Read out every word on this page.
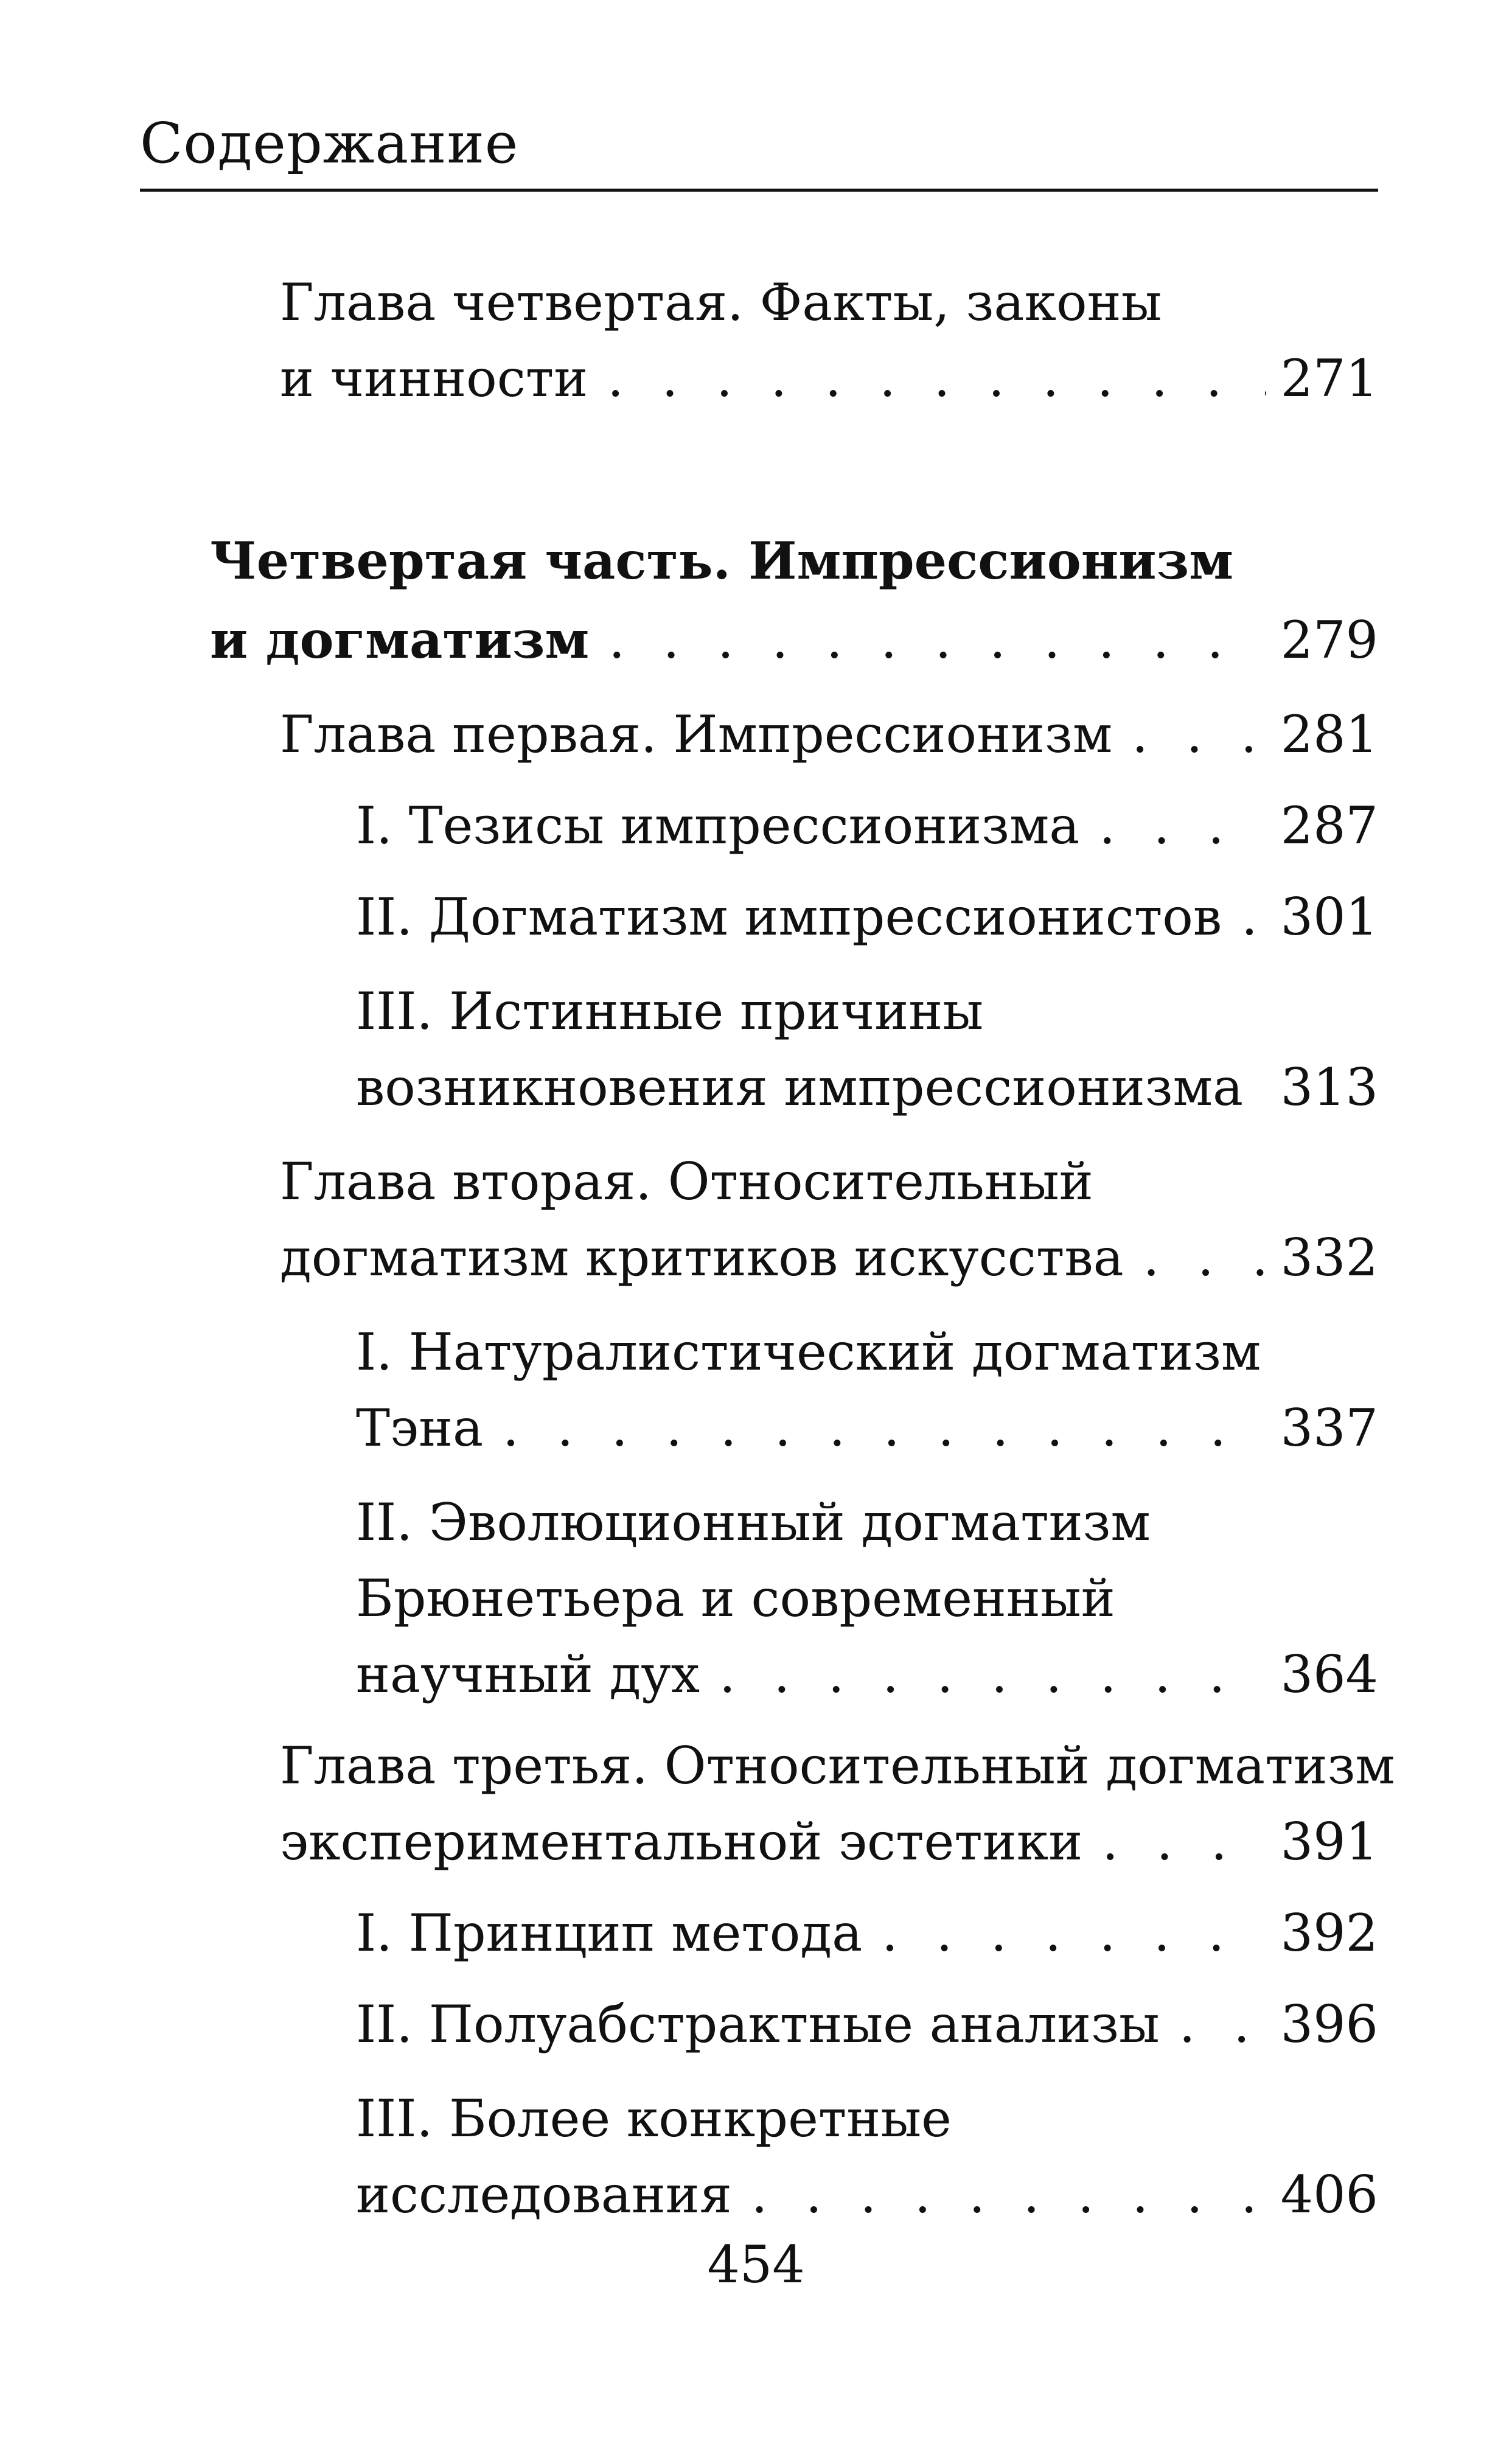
Содержание
Глава четвертая. Факты, законы
и чинности . . .	271
Четвертая часть. Импрессионизм
и догматизм . . .	279
Глава первая. Импрессионизм . . .	281
I. Тезисы импрессионизма . . .	287
II. Догматизм импрессионистов . . . 301
III. Истинные причины
возникновения импрессионизма . . . 313
Глава вторая. Относительный
догматизм критиков искусства . . .	332
I. Натуралистический догматизм
Тэна . . .	337
II. Эволюционный догматизм
Брюнетьера и современный
научный дух . . .	364
Глава третья. Относительный догматизм
экспериментальной эстетики . . .	391
I. Принцип метода . . .	392
II. Полуабстрактные анализы . . . 396
III. Более конкретные
исследования . . .	406
454
